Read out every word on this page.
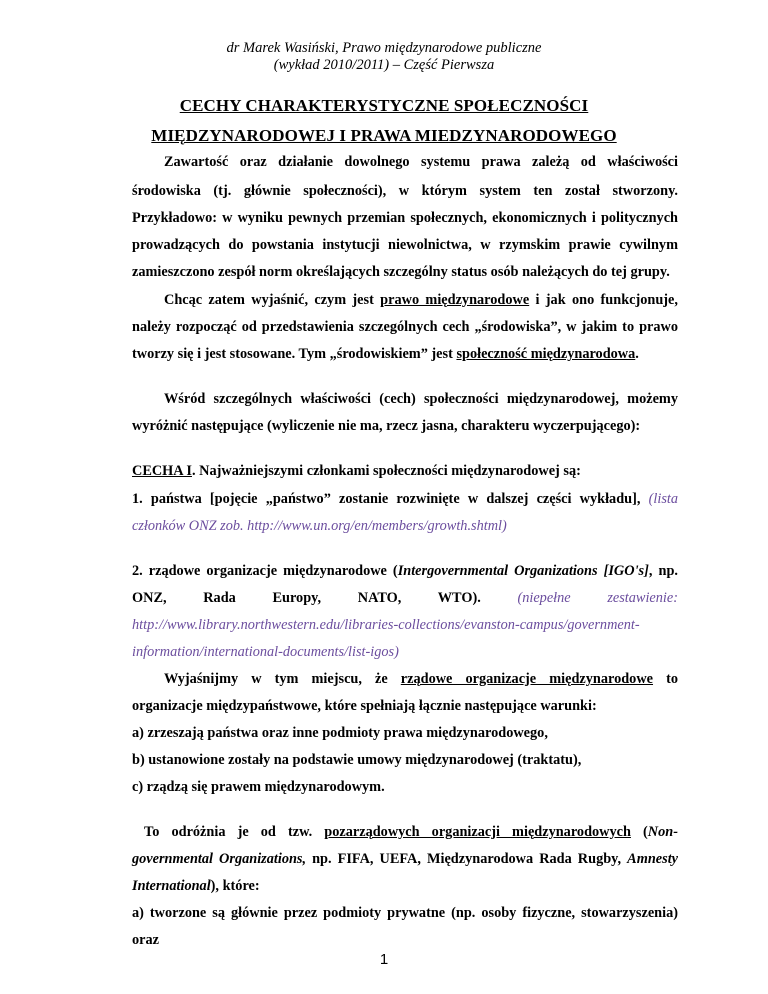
dr Marek Wasiński, Prawo międzynarodowe publiczne
(wykład 2010/2011) – Część Pierwsza
CECHY CHARAKTERYSTYCZNE SPOŁECZNOŚCI
MIĘDZYNARODOWEJ I PRAWA MIEDZYNARODOWEGO
Zawartość oraz działanie dowolnego systemu prawa zależą od właściwości
środowiska (tj. głównie społeczności), w którym system ten został stworzony.
Przykładowo: w wyniku pewnych przemian społecznych, ekonomicznych i politycznych
prowadzących do powstania instytucji niewolnictwa, w rzymskim prawie cywilnym
zamieszczono zespół norm określających szczególny status osób należących do tej grupy.
Chcąc zatem wyjaśnić, czym jest prawo międzynarodowe i jak ono funkcjonuje,
należy rozpocząć od przedstawienia szczególnych cech „środowiska”, w jakim to prawo
tworzy się i jest stosowane. Tym „środowiskiem” jest społeczność międzynarodowa.
Wśród szczególnych właściwości (cech) społeczności międzynarodowej, możemy
wyróżnić następujące (wyliczenie nie ma, rzecz jasna, charakteru wyczerpującego):
CECHA I. Najważniejszymi członkami społeczności międzynarodowej są:
1. państwa [pojęcie „państwo” zostanie rozwinięte w dalszej części wykładu], (lista
członków ONZ zob. http://www.un.org/en/members/growth.shtml)
2. rządowe organizacje międzynarodowe (Intergovernmental Organizations [IGO's], np.
ONZ,	Rada	Europy,	NATO,	WTO).	(niepełne	zestawienie:
http://www.library.northwestern.edu/libraries-collections/evanston-campus/government-
information/international-documents/list-igos)
Wyjaśnijmy w tym miejscu, że rządowe organizacje międzynarodowe to
organizacje międzypaństwowe, które spełniają łącznie następujące warunki:
a) zrzeszają państwa oraz inne podmioty prawa międzynarodowego,
b) ustanowione zostały na podstawie umowy międzynarodowej (traktatu),
c) rządzą się prawem międzynarodowym.
To odróżnia je od tzw. pozarządowych organizacji międzynarodowych (Non-
governmental Organizations, np. FIFA, UEFA, Międzynarodowa Rada Rugby, Amnesty
International), które:
a) tworzone są głównie przez podmioty prywatne (np. osoby fizyczne, stowarzyszenia)
oraz
1
